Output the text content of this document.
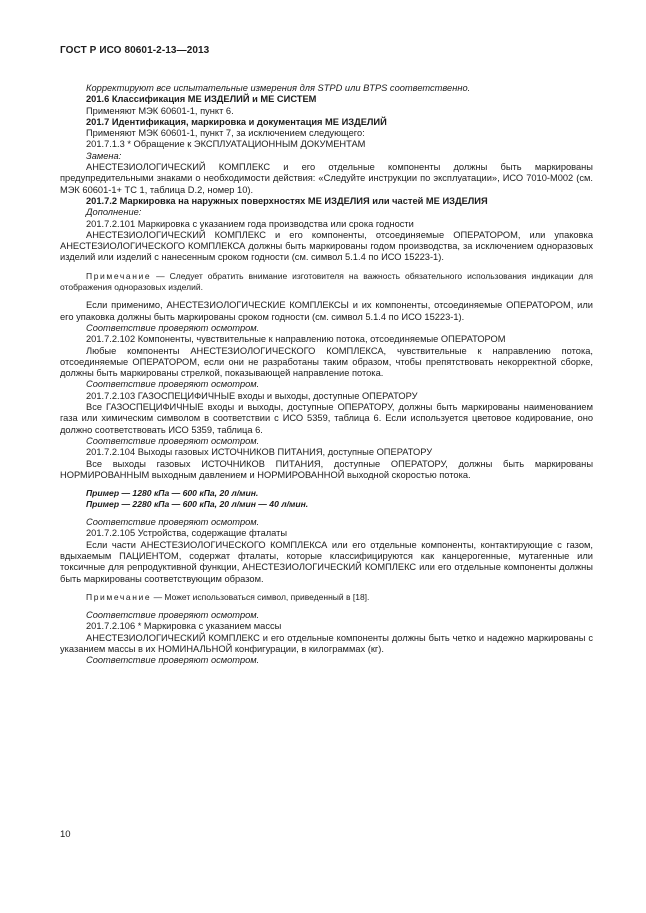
ГОСТ Р ИСО 80601-2-13—2013

Корректируют все испытательные измерения для STPD или BTPS соответственно.

201.6 Классификация ME ИЗДЕЛИЙ и ME СИСТЕМ

Применяют МЭК 60601-1, пункт 6.

201.7 Идентификация, маркировка и документация ME ИЗДЕЛИЙ

Применяют МЭК 60601-1, пункт 7, за исключением следующего:

201.7.1.3 * Обращение к ЭКСПЛУАТАЦИОННЫМ ДОКУМЕНТАМ

Замена:

АНЕСТЕЗИОЛОГИЧЕСКИЙ КОМПЛЕКС и его отдельные компоненты должны быть маркированы предупредительными знаками о необходимости действия: «Следуйте инструкции по эксплуатации», ИСО 7010-M002 (см. МЭК 60601-1+ ТС 1, таблица D.2, номер 10).

201.7.2 Маркировка на наружных поверхностях ME ИЗДЕЛИЯ или частей ME ИЗДЕЛИЯ

Дополнение:

201.7.2.101 Маркировка с указанием года производства или срока годности

АНЕСТЕЗИОЛОГИЧЕСКИЙ КОМПЛЕКС и его компоненты, отсоединяемые ОПЕРАТОРОМ, или упаковка АНЕСТЕЗИОЛОГИЧЕСКОГО КОМПЛЕКСА должны быть маркированы годом производства, за исключением одноразовых изделий или изделий с нанесенным сроком годности (см. символ 5.1.4 по ИСО 15223-1).

Примечание — Следует обратить внимание изготовителя на важность обязательного использования индикации для отображения одноразовых изделий.

Если применимо, АНЕСТЕЗИОЛОГИЧЕСКИЕ КОМПЛЕКСЫ и их компоненты, отсоединяемые ОПЕРАТОРОМ, или его упаковка должны быть маркированы сроком годности (см. символ 5.1.4 по ИСО 15223-1).

Соответствие проверяют осмотром.

201.7.2.102 Компоненты, чувствительные к направлению потока, отсоединяемые ОПЕРАТОРОМ

Любые компоненты АНЕСТЕЗИОЛОГИЧЕСКОГО КОМПЛЕКСА, чувствительные к направлению потока, отсоединяемые ОПЕРАТОРОМ, если они не разработаны таким образом, чтобы препятствовать некорректной сборке, должны быть маркированы стрелкой, показывающей направление потока.

Соответствие проверяют осмотром.

201.7.2.103 ГАЗОСПЕЦИФИЧНЫЕ входы и выходы, доступные ОПЕРАТОРУ

Все ГАЗОСПЕЦИФИЧНЫЕ входы и выходы, доступные ОПЕРАТОРУ, должны быть маркированы наименованием газа или химическим символом в соответствии с ИСО 5359, таблица 6. Если используется цветовое кодирование, оно должно соответствовать ИСО 5359, таблица 6.

Соответствие проверяют осмотром.

201.7.2.104 Выходы газовых ИСТОЧНИКОВ ПИТАНИЯ, доступные ОПЕРАТОРУ

Все выходы газовых ИСТОЧНИКОВ ПИТАНИЯ, доступные ОПЕРАТОРУ, должны быть маркированы НОРМИРОВАННЫМ выходным давлением и НОРМИРОВАННОЙ выходной скоростью потока.

Пример — 1280 кПа — 600 кПа, 20 л/мин.

Пример — 2280 кПа — 600 кПа, 20 л/мин — 40 л/мин.

Соответствие проверяют осмотром.

201.7.2.105 Устройства, содержащие фталаты

Если части АНЕСТЕЗИОЛОГИЧЕСКОГО КОМПЛЕКСА или его отдельные компоненты, контактирующие с газом, вдыхаемым ПАЦИЕНТОМ, содержат фталаты, которые классифицируются как канцерогенные, мутагенные или токсичные для репродуктивной функции, АНЕСТЕЗИОЛОГИЧЕСКИЙ КОМПЛЕКС или его отдельные компоненты должны быть маркированы соответствующим образом.

Примечание — Может использоваться символ, приведенный в [18].

Соответствие проверяют осмотром.

201.7.2.106 * Маркировка с указанием массы

АНЕСТЕЗИОЛОГИЧЕСКИЙ КОМПЛЕКС и его отдельные компоненты должны быть четко и надежно маркированы с указанием массы в их НОМИНАЛЬНОЙ конфигурации, в килограммах (кг).

Соответствие проверяют осмотром.

10
